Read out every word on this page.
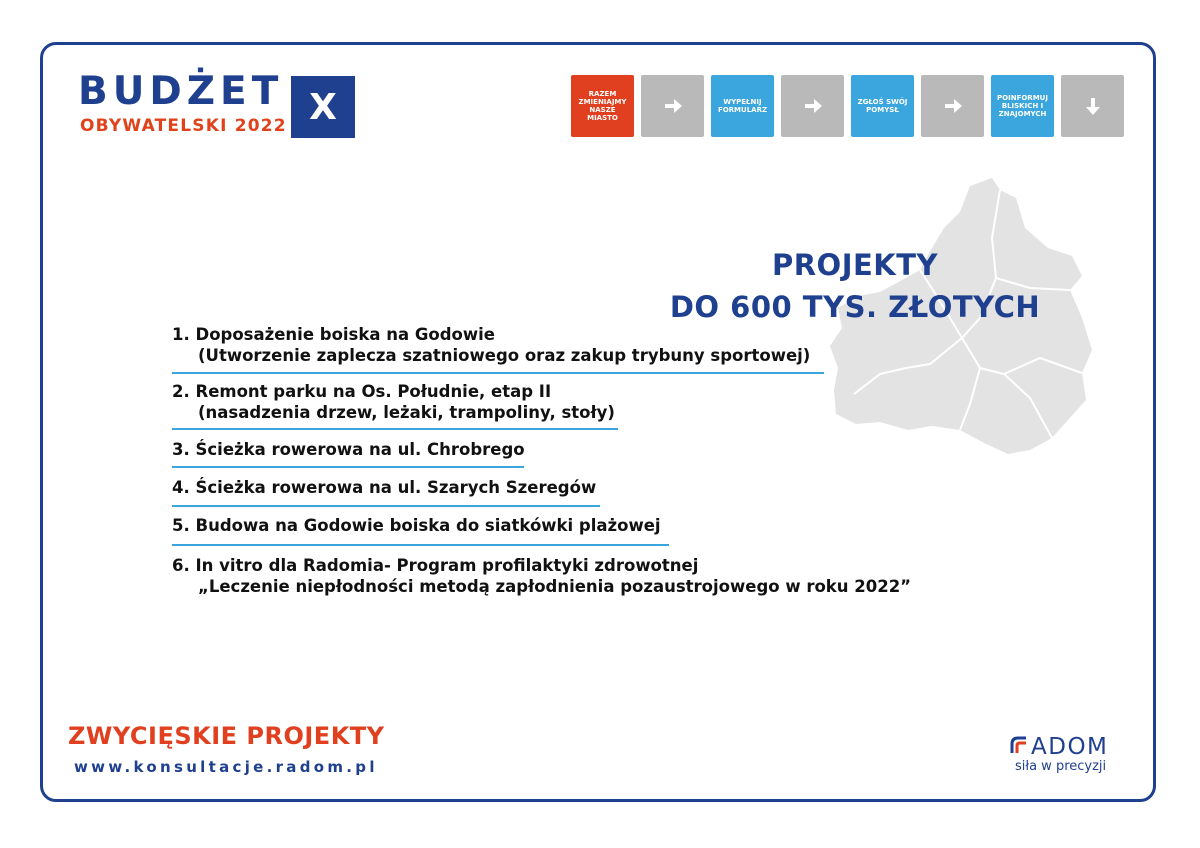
BUDŻET X
OBYWATELSKI 2022
RAZEM ZMIENIAJMY NASZE MIASTO
WYPEŁNIJ FORMULARZ
ZGŁOŚ SWÓJ POMYSŁ
POINFORMUJ BLISKICH I ZNAJOMYCH
PROJEKTY
DO 600 TYS. ZŁOTYCH
1. Doposażenie boiska na Godowie
(Utworzenie zaplecza szatniowego oraz zakup trybuny sportowej)
2. Remont parku na Os. Południe, etap II
(nasadzenia drzew, leżaki, trampoliny, stoły)
3. Ścieżka rowerowa na ul. Chrobrego
4. Ścieżka rowerowa na ul. Szarych Szeregów
5. Budowa na Godowie boiska do siatkówki plażowej
6. In vitro dla Radomia- Program profilaktyki zdrowotnej
„Leczenie niepłodności metodą zapłodnienia pozaustrojowego w roku 2022”
ZWYCIĘSKIE PROJEKTY
www.konsultacje.radom.pl
ADOM
siła w precyzji
